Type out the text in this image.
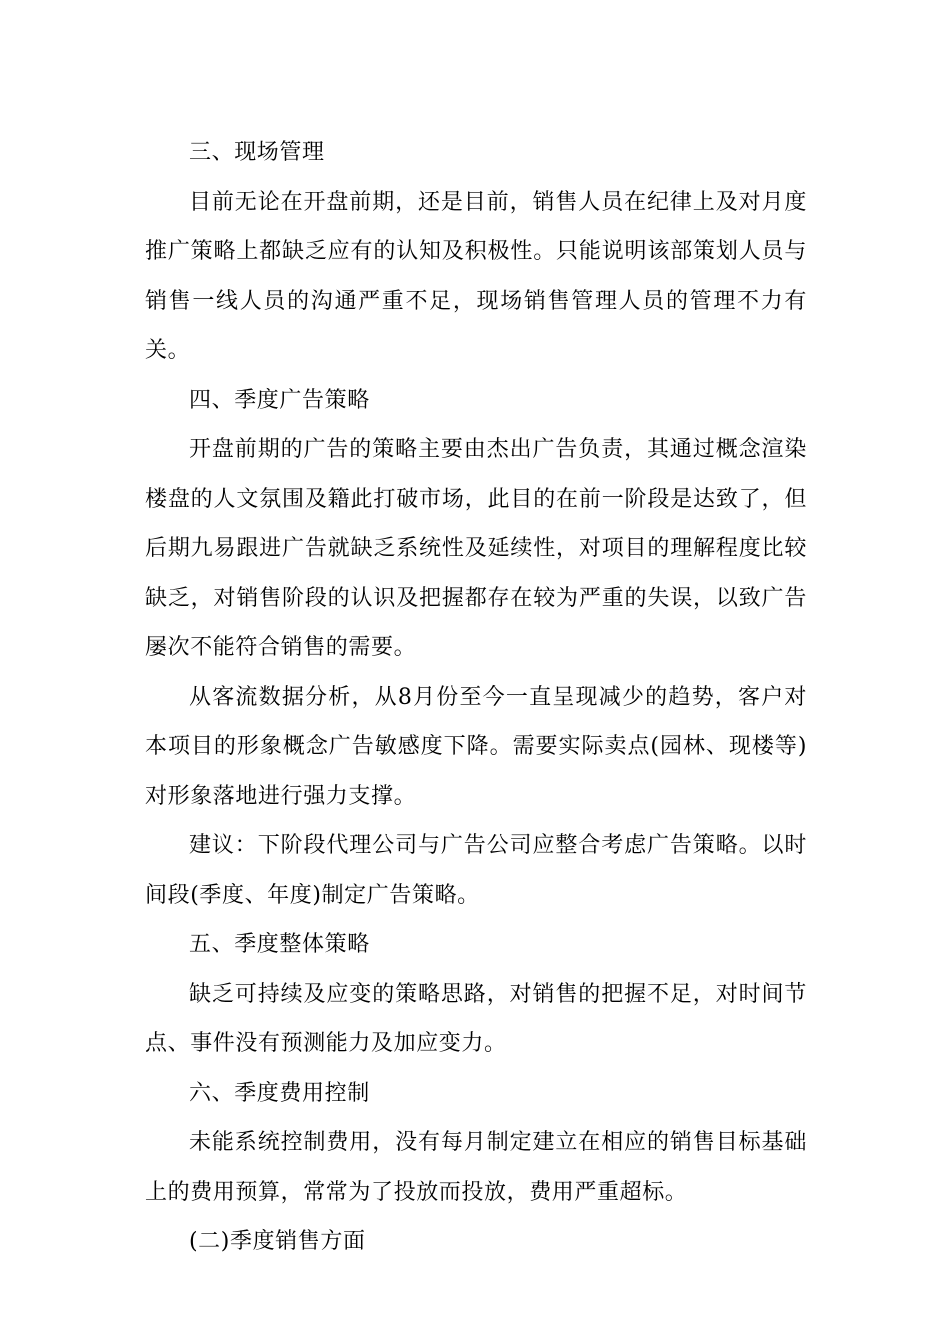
三、现场管理

目前无论在开盘前期，还是目前，销售人员在纪律上及对月度推广策略上都缺乏应有的认知及积极性。只能说明该部策划人员与销售一线人员的沟通严重不足，现场销售管理人员的管理不力有关。

四、季度广告策略

开盘前期的广告的策略主要由杰出广告负责，其通过概念渲染楼盘的人文氛围及籍此打破市场，此目的在前一阶段是达致了，但后期九易跟进广告就缺乏系统性及延续性，对项目的理解程度比较缺乏，对销售阶段的认识及把握都存在较为严重的失误，以致广告屡次不能符合销售的需要。

从客流数据分析，从8月份至今一直呈现减少的趋势，客户对本项目的形象概念广告敏感度下降。需要实际卖点(园林、现楼等)对形象落地进行强力支撑。

建议：下阶段代理公司与广告公司应整合考虑广告策略。以时间段(季度、年度)制定广告策略。

五、季度整体策略

缺乏可持续及应变的策略思路，对销售的把握不足，对时间节点、事件没有预测能力及加应变力。

六、季度费用控制

未能系统控制费用，没有每月制定建立在相应的销售目标基础上的费用预算，常常为了投放而投放，费用严重超标。

(二)季度销售方面
